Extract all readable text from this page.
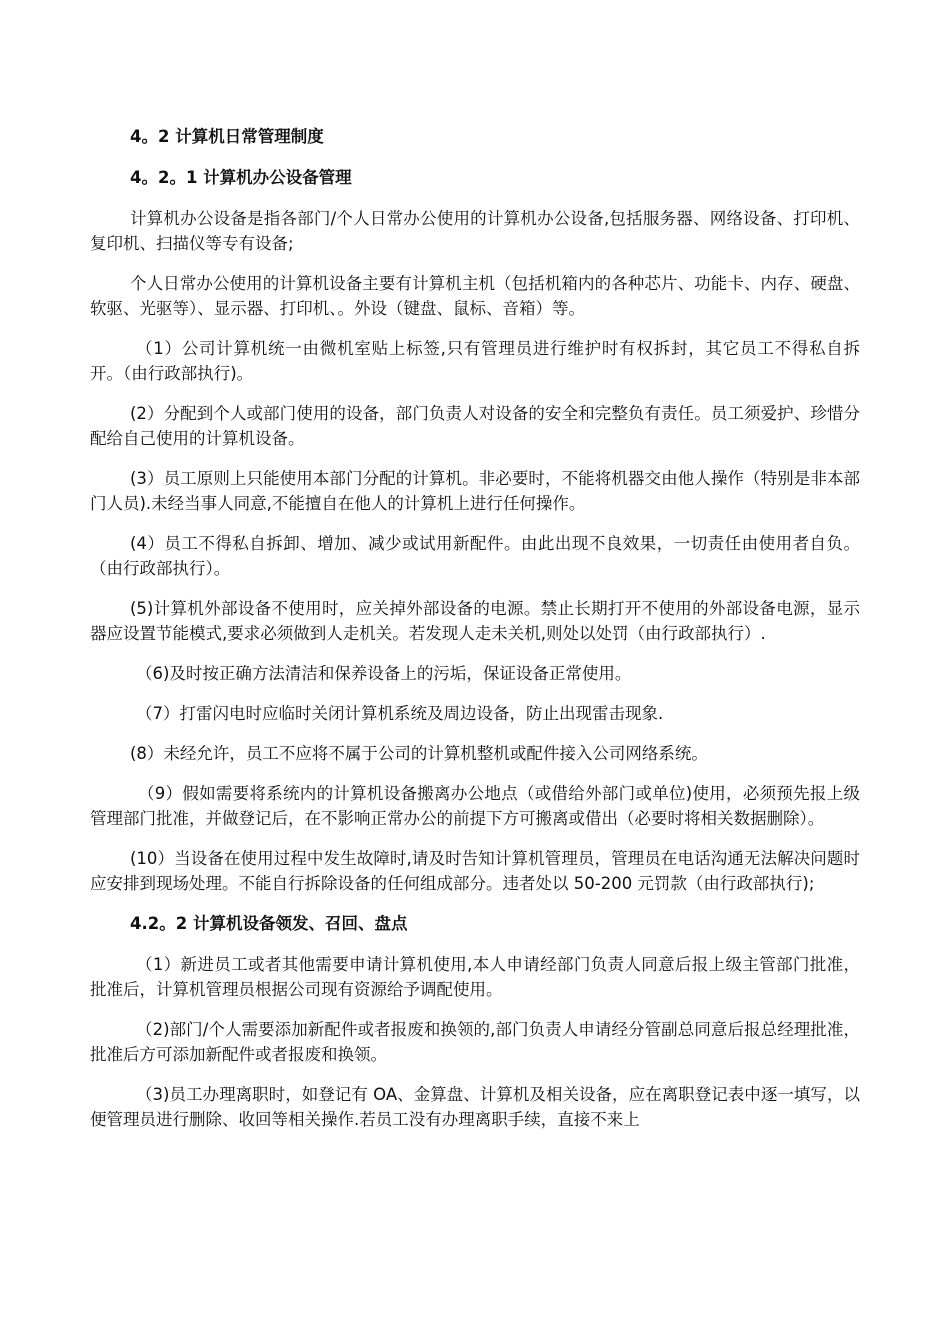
4。2 计算机日常管理制度
4。2。1 计算机办公设备管理

计算机办公设备是指各部门/个人日常办公使用的计算机办公设备,包括服务器、网络设备、打印机、复印机、扫描仪等专有设备;

个人日常办公使用的计算机设备主要有计算机主机（包括机箱内的各种芯片、功能卡、内存、硬盘、软驱、光驱等）、显示器、打印机、。外设（键盘、鼠标、音箱）等。

（1）公司计算机统一由微机室贴上标签,只有管理员进行维护时有权拆封，其它员工不得私自拆开。（由行政部执行)。

(2）分配到个人或部门使用的设备，部门负责人对设备的安全和完整负有责任。员工须爱护、珍惜分配给自己使用的计算机设备。

(3）员工原则上只能使用本部门分配的计算机。非必要时，不能将机器交由他人操作（特别是非本部门人员).未经当事人同意,不能擅自在他人的计算机上进行任何操作。

(4）员工不得私自拆卸、增加、减少或试用新配件。由此出现不良效果，一切责任由使用者自负。（由行政部执行）。

(5)计算机外部设备不使用时，应关掉外部设备的电源。禁止长期打开不使用的外部设备电源，显示器应设置节能模式,要求必须做到人走机关。若发现人走未关机,则处以处罚（由行政部执行）.

（6)及时按正确方法清洁和保养设备上的污垢，保证设备正常使用。

（7）打雷闪电时应临时关闭计算机系统及周边设备，防止出现雷击现象.

(8）未经允许，员工不应将不属于公司的计算机整机或配件接入公司网络系统。

（9）假如需要将系统内的计算机设备搬离办公地点（或借给外部门或单位)使用，必须预先报上级管理部门批准，并做登记后，在不影响正常办公的前提下方可搬离或借出（必要时将相关数据删除）。

(10）当设备在使用过程中发生故障时,请及时告知计算机管理员，管理员在电话沟通无法解决问题时应安排到现场处理。不能自行拆除设备的任何组成部分。违者处以 50-200 元罚款（由行政部执行);

4.2。2 计算机设备领发、召回、盘点

（1）新进员工或者其他需要申请计算机使用,本人申请经部门负责人同意后报上级主管部门批准，批准后，计算机管理员根据公司现有资源给予调配使用。

（2)部门/个人需要添加新配件或者报废和换领的,部门负责人申请经分管副总同意后报总经理批准，批准后方可添加新配件或者报废和换领。

（3)员工办理离职时，如登记有 OA、金算盘、计算机及相关设备，应在离职登记表中逐一填写，以便管理员进行删除、收回等相关操作.若员工没有办理离职手续，直接不来上
